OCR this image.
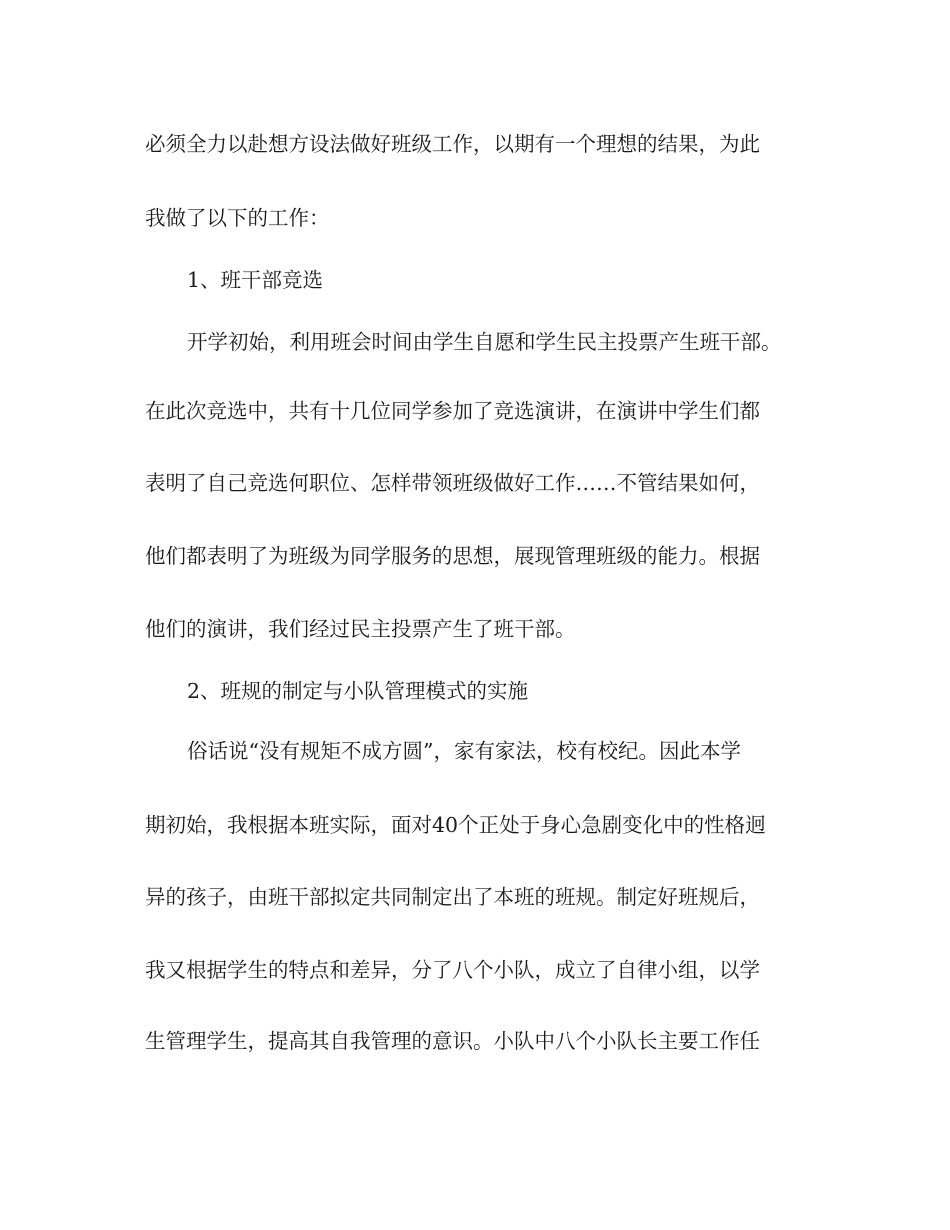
必须全力以赴想方设法做好班级工作，以期有一个理想的结果，为此

我做了以下的工作：

1、班干部竞选

开学初始，利用班会时间由学生自愿和学生民主投票产生班干部。

在此次竞选中，共有十几位同学参加了竞选演讲，在演讲中学生们都

表明了自己竞选何职位、怎样带领班级做好工作……不管结果如何，

他们都表明了为班级为同学服务的思想，展现管理班级的能力。根据

他们的演讲，我们经过民主投票产生了班干部。

2、班规的制定与小队管理模式的实施

俗话说“没有规矩不成方圆”，家有家法，校有校纪。因此本学

期初始，我根据本班实际，面对40个正处于身心急剧变化中的性格迥

异的孩子，由班干部拟定共同制定出了本班的班规。制定好班规后，

我又根据学生的特点和差异，分了八个小队，成立了自律小组，以学

生管理学生，提高其自我管理的意识。小队中八个小队长主要工作任
